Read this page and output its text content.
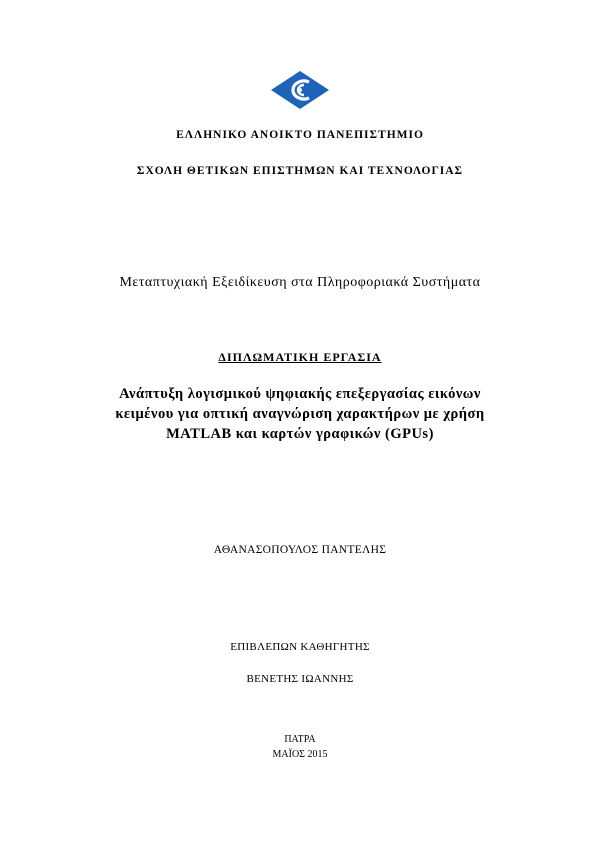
ΕΛΛΗΝΙΚΟ ΑΝΟΙΚΤΟ ΠΑΝΕΠΙΣΤΗΜΙΟ
ΣΧΟΛΗ ΘΕΤΙΚΩΝ ΕΠΙΣΤΗΜΩΝ ΚΑΙ ΤΕΧΝΟΛΟΓΙΑΣ
Μεταπτυχιακή Εξειδίκευση στα Πληροφοριακά Συστήματα
ΔΙΠΛΩΜΑΤΙΚΗ ΕΡΓΑΣΙΑ
Ανάπτυξη λογισμικού ψηφιακής επεξεργασίας εικόνων
κειμένου για οπτική αναγνώριση χαρακτήρων με χρήση
MATLAB και καρτών γραφικών (GPUs)
ΑΘΑΝΑΣΟΠΟΥΛΟΣ ΠΑΝΤΕΛΗΣ
ΕΠΙΒΛΕΠΩΝ ΚΑΘΗΓΗΤΗΣ
ΒΕΝΕΤΗΣ ΙΩΑΝΝΗΣ
ΠΑΤΡΑ
ΜΑΪΟΣ 2015
